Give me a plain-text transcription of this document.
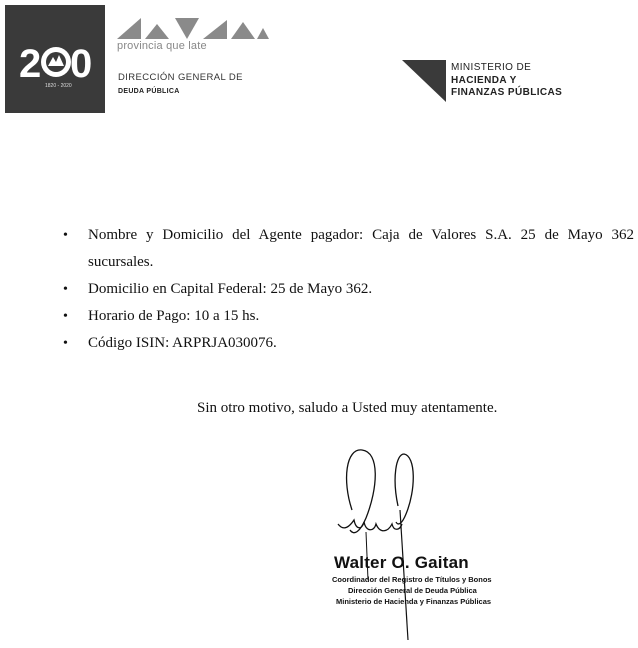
2 0
1820 - 2020
provincia que late
DIRECCIÓN GENERAL DE
DEUDA PÚBLICA
MINISTERIO DE
HACIENDA Y
FINANZAS PÚBLICAS
• Nombre y Domicilio del Agente pagador: Caja de Valores S.A. 25 de Mayo 362
sucursales.
• Domicilio en Capital Federal: 25 de Mayo 362.
• Horario de Pago: 10 a 15 hs.
• Código ISIN: ARPRJA030076.
Sin otro motivo, saludo a Usted muy atentamente.
Walter O. Gaitan
Coordinador del Registro de Títulos y Bonos
Dirección General de Deuda Pública
Ministerio de Hacienda y Finanzas Públicas
